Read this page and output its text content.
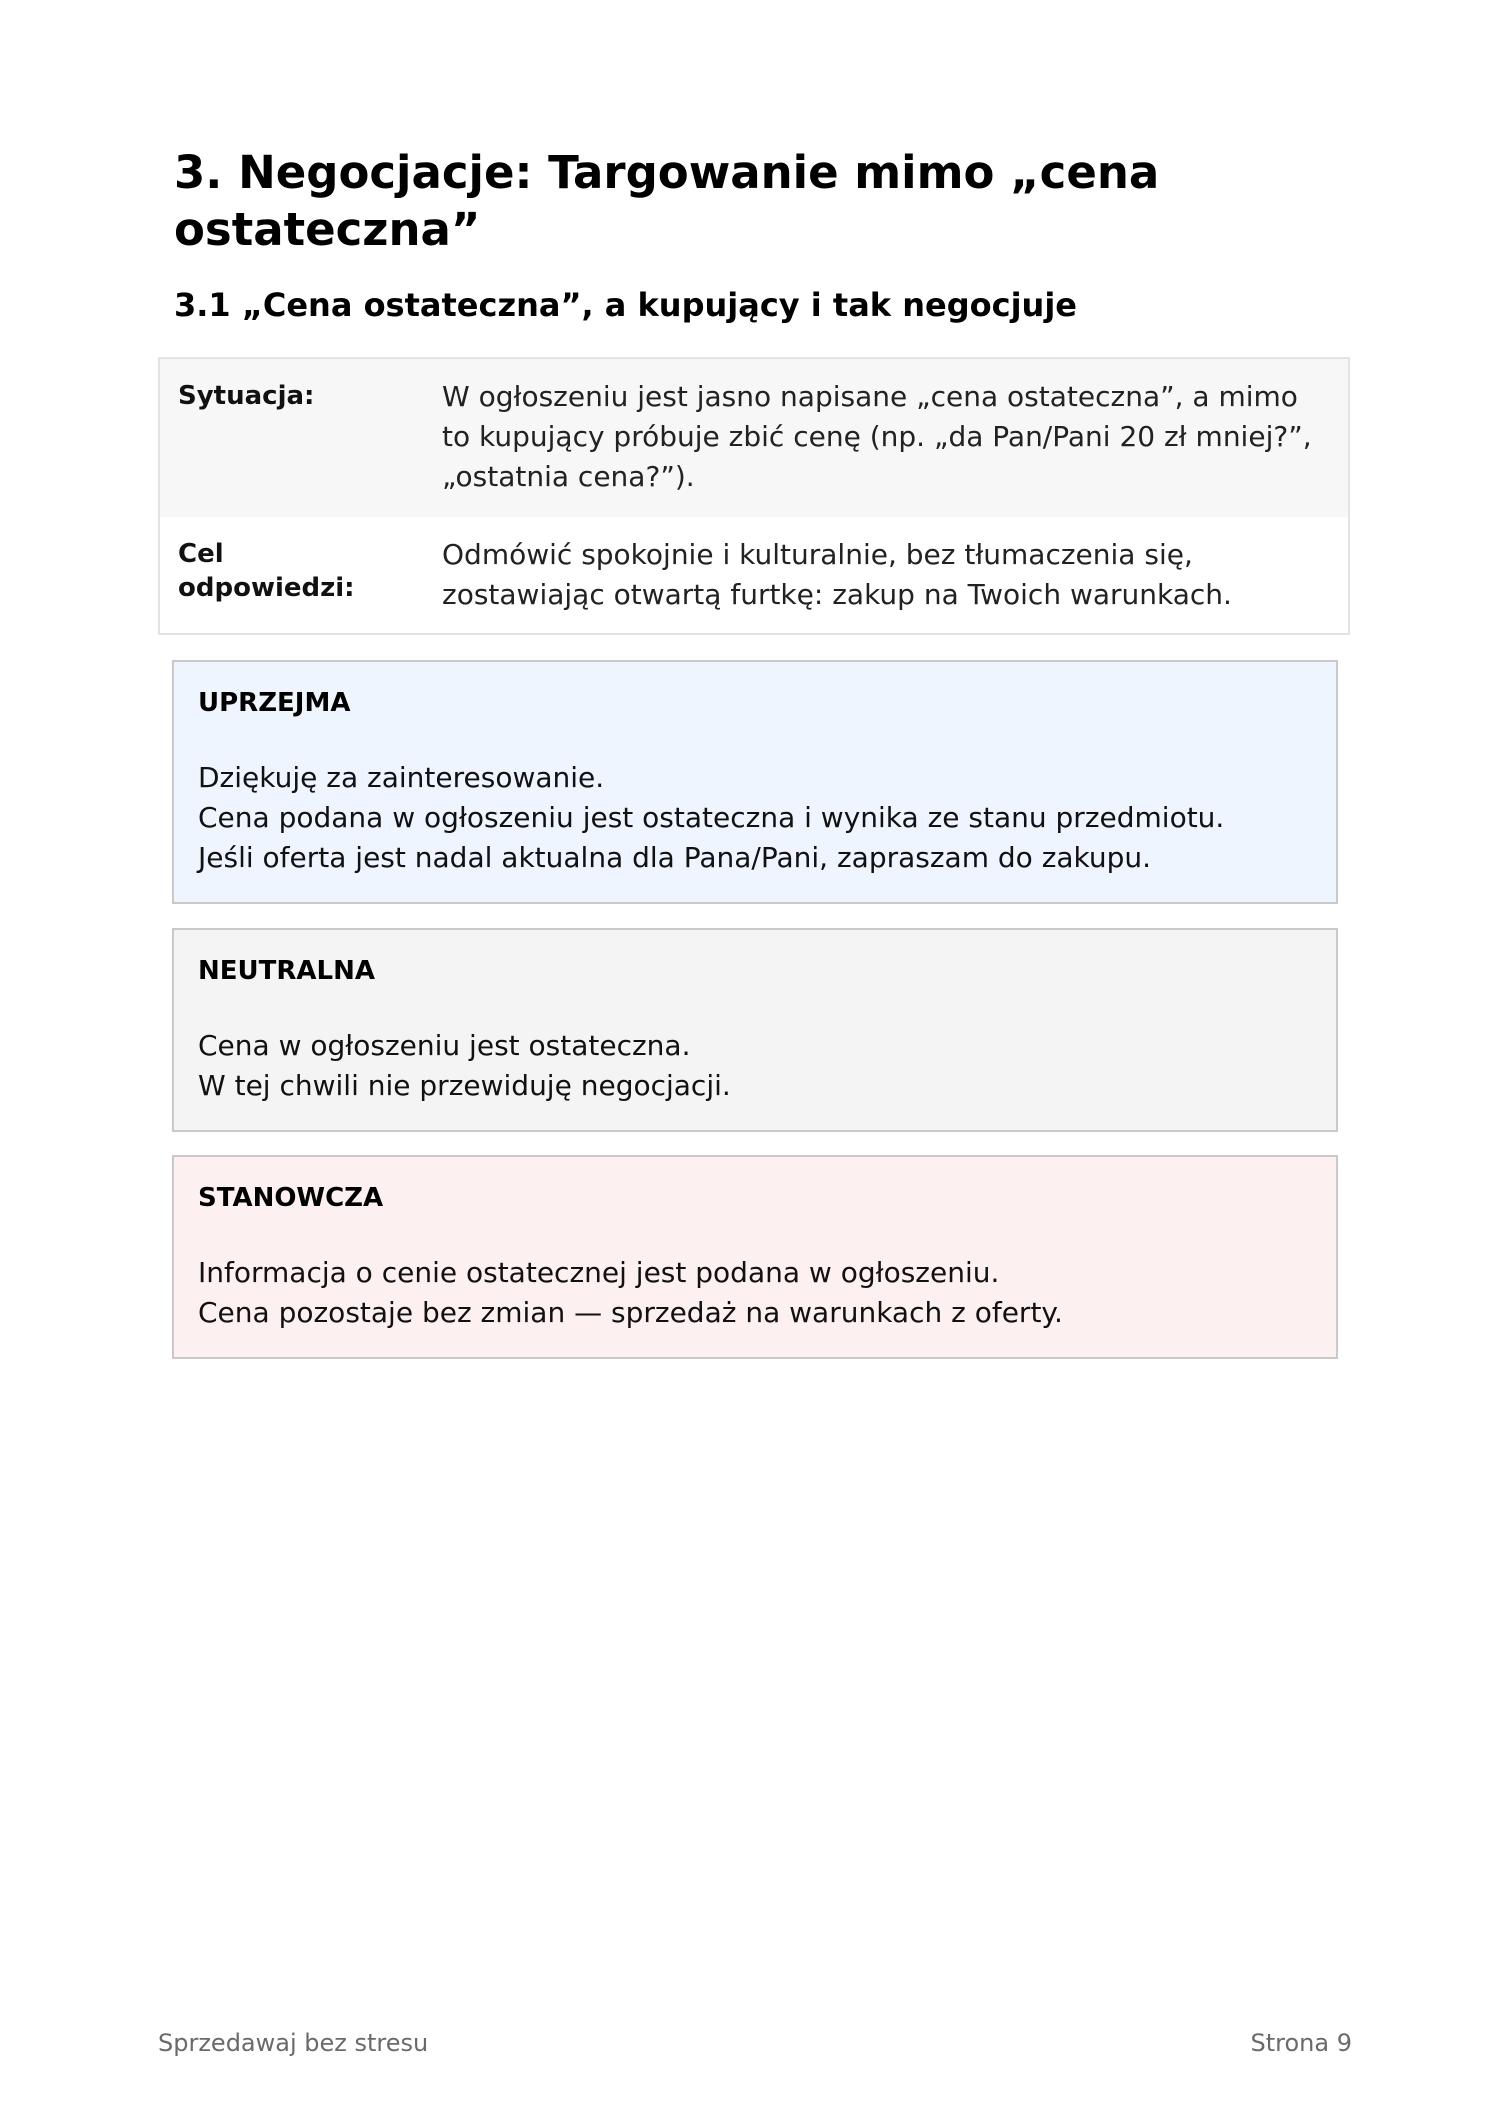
3. Negocjacje: Targowanie mimo „cena ostateczna”
3.1 „Cena ostateczna”, a kupujący i tak negocjuje
Sytuacja:	W ogłoszeniu jest jasno napisane „cena ostateczna”, a mimo to kupujący próbuje zbić cenę (np. „da Pan/Pani 20 zł mniej?”, „ostatnia cena?”).
Cel odpowiedzi:
Odmówić spokojnie i kulturalnie, bez tłumaczenia się, zostawiając otwartą furtkę: zakup na Twoich warunkach.
UPRZEJMA
Dziękuję za zainteresowanie.
Cena podana w ogłoszeniu jest ostateczna i wynika ze stanu przedmiotu.
Jeśli oferta jest nadal aktualna dla Pana/Pani, zapraszam do zakupu.
NEUTRALNA
Cena w ogłoszeniu jest ostateczna.
W tej chwili nie przewiduję negocjacji.
STANOWCZA
Informacja o cenie ostatecznej jest podana w ogłoszeniu.
Cena pozostaje bez zmian — sprzedaż na warunkach z oferty.
Sprzedawaj bez stresu	Strona 9
